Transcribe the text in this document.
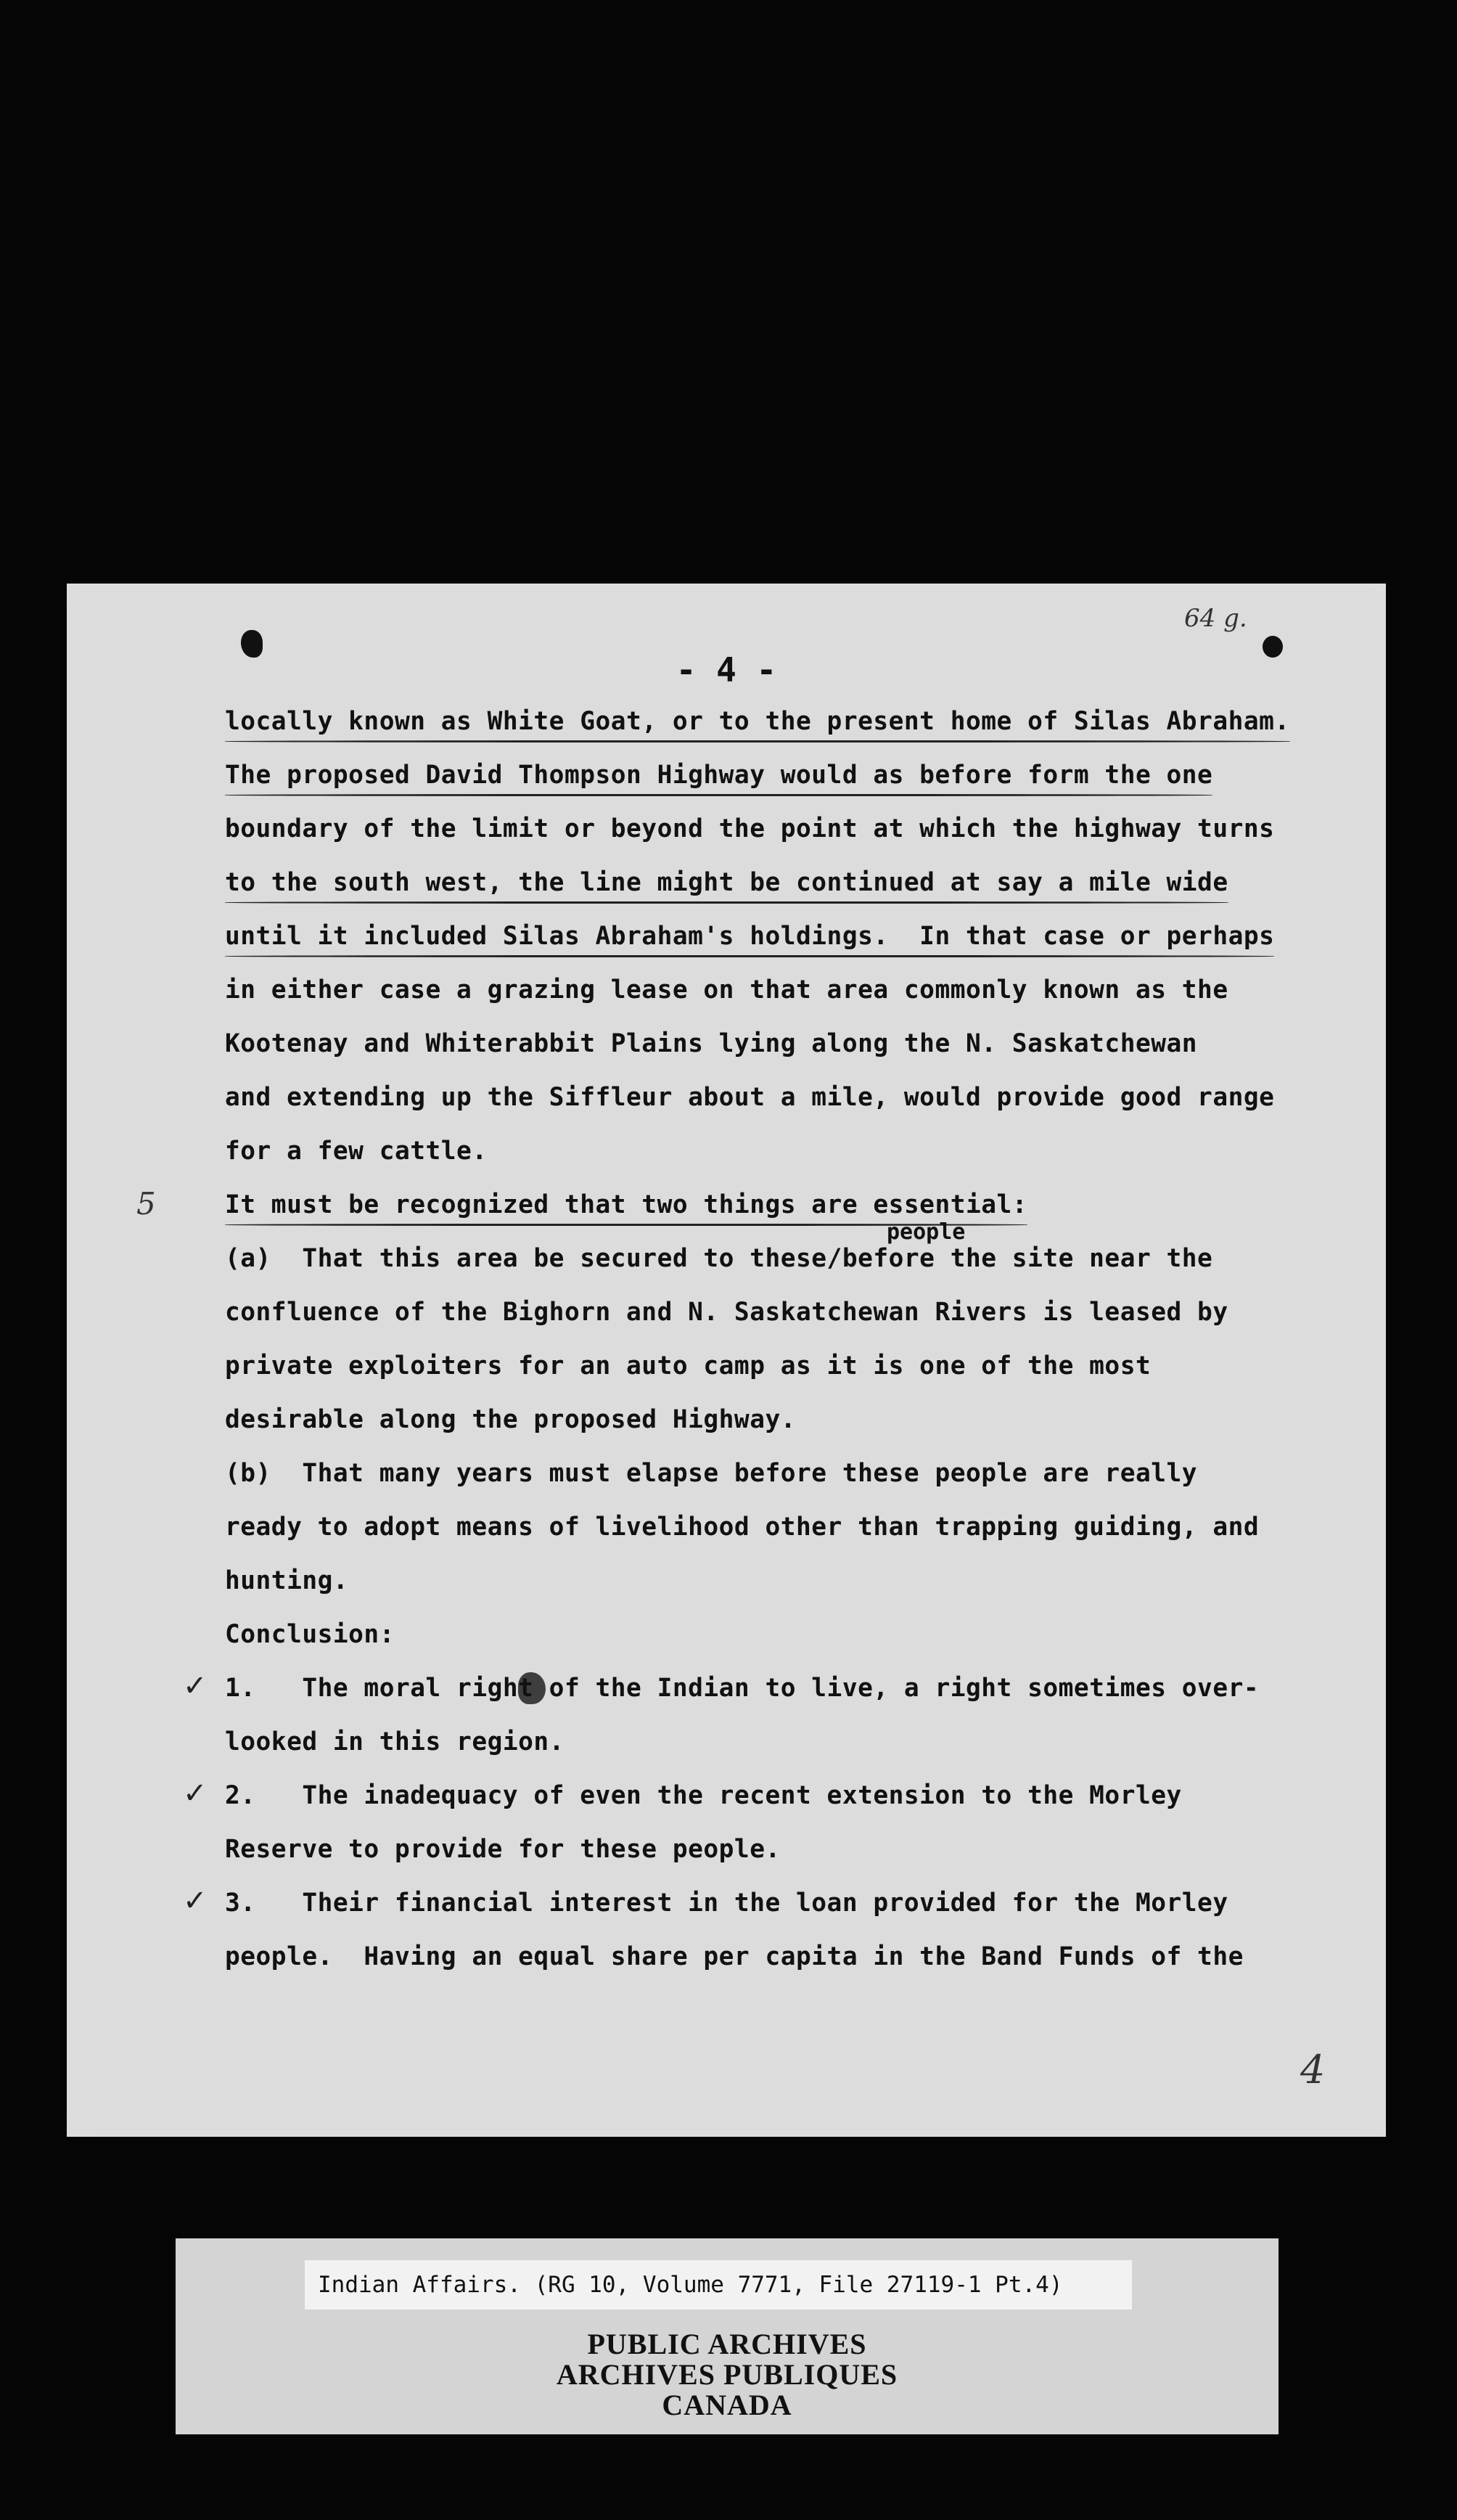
64 g.
- 4 -
locally known as White Goat, or to the present home of Silas Abraham.
The proposed David Thompson Highway would as before form the one
boundary of the limit or beyond the point at which the highway turns
to the south west, the line might be continued at say a mile wide
until it included Silas Abraham's holdings.  In that case or perhaps
in either case a grazing lease on that area commonly known as the
Kootenay and Whiterabbit Plains lying along the N. Saskatchewan
and extending up the Siffleur about a mile, would provide good range
for a few cattle.
5	It must be recognized that two things are essential:
people
(a)  That this area be secured to these/before the site near the
confluence of the Bighorn and N. Saskatchewan Rivers is leased by
private exploiters for an auto camp as it is one of the most
desirable along the proposed Highway.
(b)  That many years must elapse before these people are really
ready to adopt means of livelihood other than trapping guiding, and
hunting.
Conclusion:
✓ 1.   The moral right of the Indian to live, a right sometimes over-
looked in this region.
✓ 2.   The inadequacy of even the recent extension to the Morley
Reserve to provide for these people.
✓ 3.   Their financial interest in the loan provided for the Morley
people.  Having an equal share per capita in the Band Funds of the
4
Indian Affairs. (RG 10, Volume 7771, File 27119-1 Pt.4)
PUBLIC ARCHIVES
ARCHIVES PUBLIQUES
CANADA
